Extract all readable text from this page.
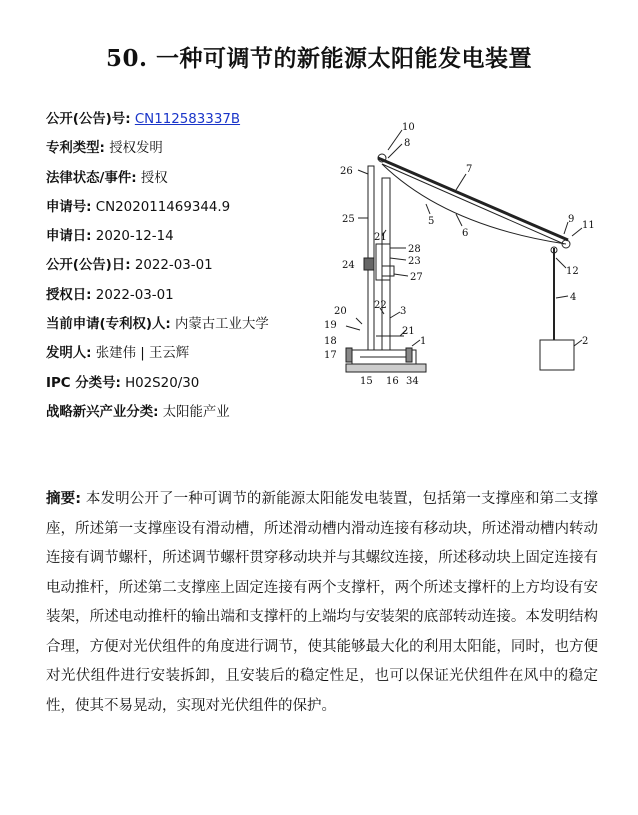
50. 一种可调节的新能源太阳能发电装置
公开(公告)号: CN112583337B
专利类型: 授权发明
法律状态/事件: 授权
申请号: CN202011469344.9
申请日: 2020-12-14
公开(公告)日: 2022-03-01
授权日: 2022-03-01
当前申请(专利权)人: 内蒙古工业大学
发明人: 张建伟 | 王云辉
IPC 分类号: H02S20/30
战略新兴产业分类: 太阳能产业
10
8
7
26
5
6
9
11
25
21
28
23
12
24
27
4
22
3
20
19
21
1	2
18
17
15 16 34
摘要: 本发明公开了一种可调节的新能源太阳能发电装置，包括第一支撑座和第二支撑座，所述第一支撑座设有滑动槽，所述滑动槽内滑动连接有移动块，所述滑动槽内转动连接有调节螺杆，所述调节螺杆贯穿移动块并与其螺纹连接，所述移动块上固定连接有电动推杆，所述第二支撑座上固定连接有两个支撑杆，两个所述支撑杆的上方均设有安装架，所述电动推杆的输出端和支撑杆的上端均与安装架的底部转动连接。本发明结构合理，方便对光伏组件的角度进行调节，使其能够最大化的利用太阳能，同时，也方便对光伏组件进行安装拆卸，且安装后的稳定性足，也可以保证光伏组件在风中的稳定性，使其不易晃动，实现对光伏组件的保护。
